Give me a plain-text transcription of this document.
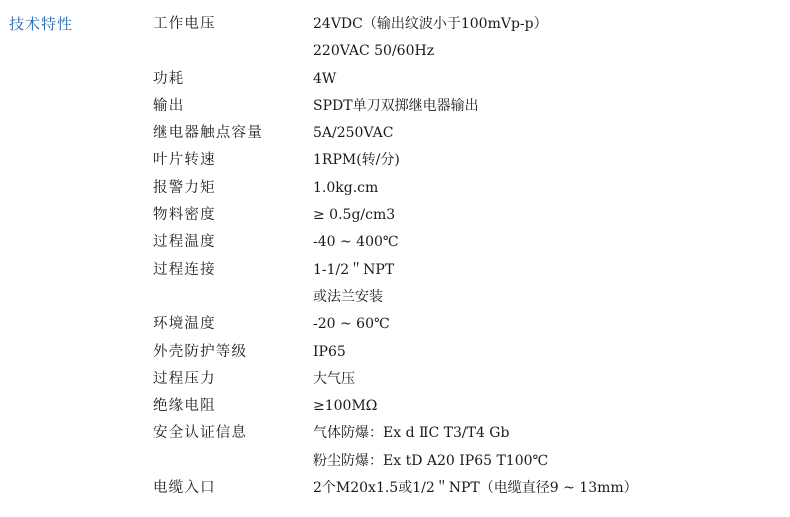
技术特性	工作电压	24VDC（输出纹波小于100mVp-p）
220VAC 50/60Hz
功耗	4W
输出	SPDT单刀双掷继电器输出
继电器触点容量	5A/250VAC
叶片转速	1RPM(转/分)
报警力矩	1.0kg.cm
物料密度	≥ 0.5g/cm3
过程温度	-40 ~ 400℃
过程连接	1-1/2＂NPT
或法兰安装
环境温度	-20 ~ 60℃
外壳防护等级	IP65
过程压力	大气压
绝缘电阻	≥100MΩ
安全认证信息	气体防爆：Ex d ⅡC T3/T4 Gb
粉尘防爆：Ex tD A20 IP65 T100℃
电缆入口	2个M20x1.5或1/2＂NPT（电缆直径9 ~ 13mm）
